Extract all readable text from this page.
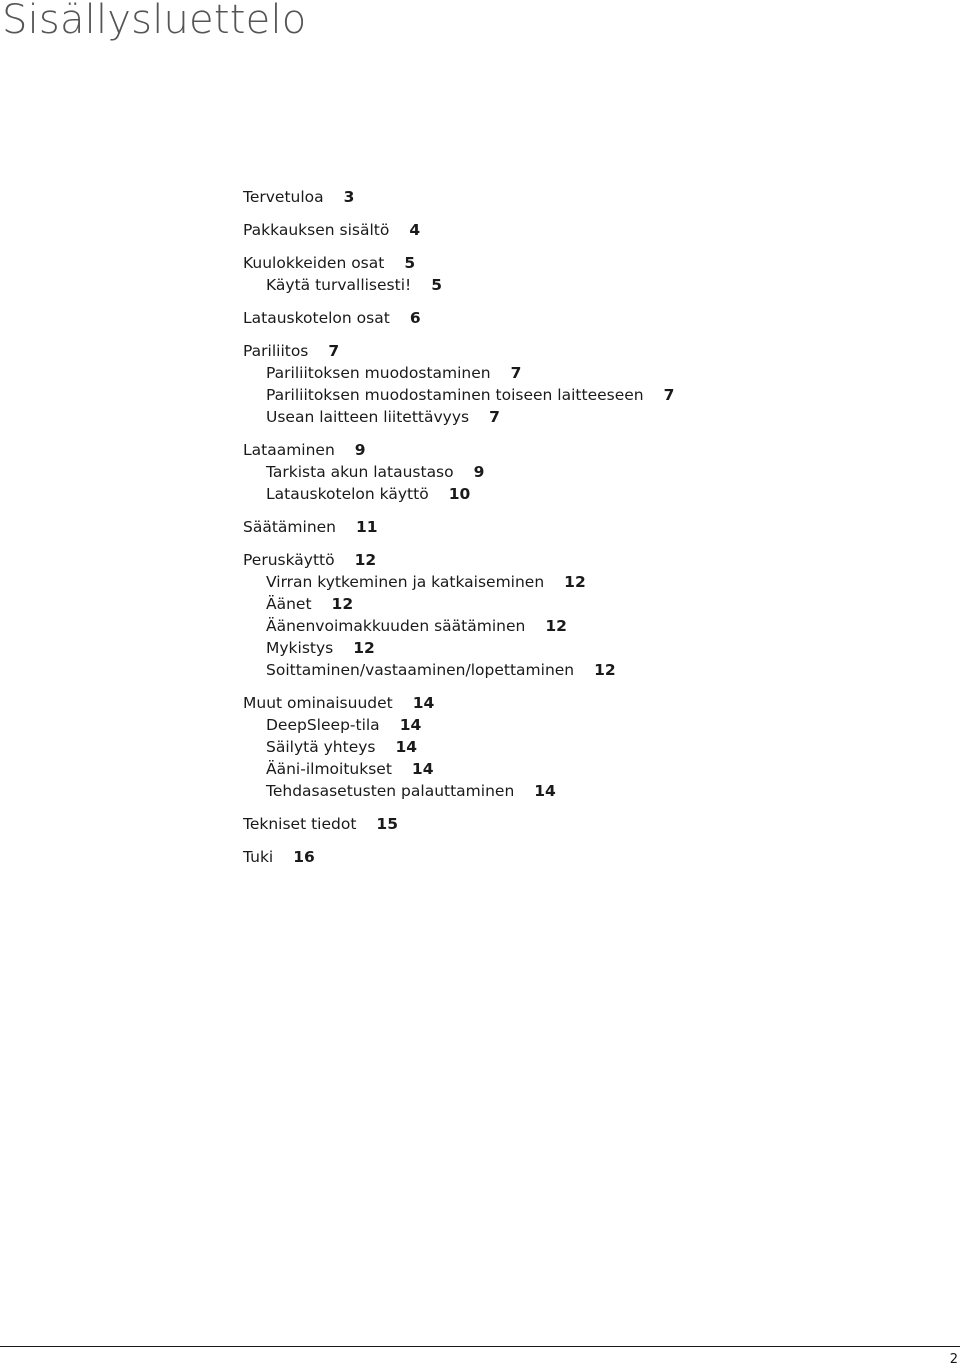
Sisällysluettelo
Tervetuloa 3
Pakkauksen sisältö 4
Kuulokkeiden osat 5
Käytä turvallisesti! 5
Latauskotelon osat 6
Pariliitos 7
Pariliitoksen muodostaminen 7
Pariliitoksen muodostaminen toiseen laitteeseen 7
Usean laitteen liitettävyys 7
Lataaminen 9
Tarkista akun lataustaso 9
Latauskotelon käyttö 10
Säätäminen 11
Peruskäyttö 12
Virran kytkeminen ja katkaiseminen 12
Äänet 12
Äänenvoimakkuuden säätäminen 12
Mykistys 12
Soittaminen/vastaaminen/lopettaminen 12
Muut ominaisuudet 14
DeepSleep-tila 14
Säilytä yhteys 14
Ääni-ilmoitukset 14
Tehdasasetusten palauttaminen 14
Tekniset tiedot 15
Tuki 16
2
